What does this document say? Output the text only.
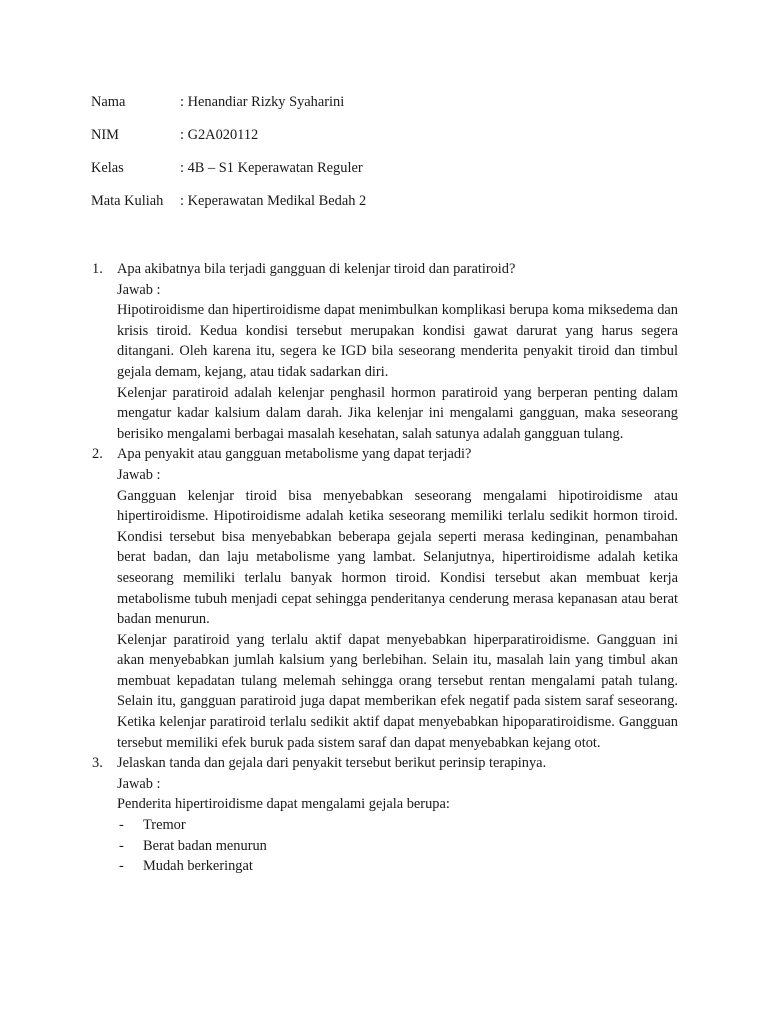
Nama	: Henandiar Rizky Syaharini
NIM	: G2A020112
Kelas	: 4B – S1 Keperawatan Reguler
Mata Kuliah	: Keperawatan Medikal Bedah 2
1. Apa akibatnya bila terjadi gangguan di kelenjar tiroid dan paratiroid?
Jawab :
Hipotiroidisme dan hipertiroidisme dapat menimbulkan komplikasi berupa koma miksedema dan krisis tiroid. Kedua kondisi tersebut merupakan kondisi gawat darurat yang harus segera ditangani. Oleh karena itu, segera ke IGD bila seseorang menderita penyakit tiroid dan timbul gejala demam, kejang, atau tidak sadarkan diri.
Kelenjar paratiroid adalah kelenjar penghasil hormon paratiroid yang berperan penting dalam mengatur kadar kalsium dalam darah. Jika kelenjar ini mengalami gangguan, maka seseorang berisiko mengalami berbagai masalah kesehatan, salah satunya adalah gangguan tulang.
2. Apa penyakit atau gangguan metabolisme yang dapat terjadi?
Jawab :
Gangguan kelenjar tiroid bisa menyebabkan seseorang mengalami hipotiroidisme atau hipertiroidisme. Hipotiroidisme adalah ketika seseorang memiliki terlalu sedikit hormon tiroid. Kondisi tersebut bisa menyebabkan beberapa gejala seperti merasa kedinginan, penambahan berat badan, dan laju metabolisme yang lambat. Selanjutnya, hipertiroidisme adalah ketika seseorang memiliki terlalu banyak hormon tiroid. Kondisi tersebut akan membuat kerja metabolisme tubuh menjadi cepat sehingga penderitanya cenderung merasa kepanasan atau berat badan menurun.
Kelenjar paratiroid yang terlalu aktif dapat menyebabkan hiperparatiroidisme. Gangguan ini akan menyebabkan jumlah kalsium yang berlebihan. Selain itu, masalah lain yang timbul akan membuat kepadatan tulang melemah sehingga orang tersebut rentan mengalami patah tulang. Selain itu, gangguan paratiroid juga dapat memberikan efek negatif pada sistem saraf seseorang. Ketika kelenjar paratiroid terlalu sedikit aktif dapat menyebabkan hipoparatiroidisme. Gangguan tersebut memiliki efek buruk pada sistem saraf dan dapat menyebabkan kejang otot.
3. Jelaskan tanda dan gejala dari penyakit tersebut berikut perinsip terapinya.
Jawab :
Penderita hipertiroidisme dapat mengalami gejala berupa:
- Tremor
- Berat badan menurun
- Mudah berkeringat
